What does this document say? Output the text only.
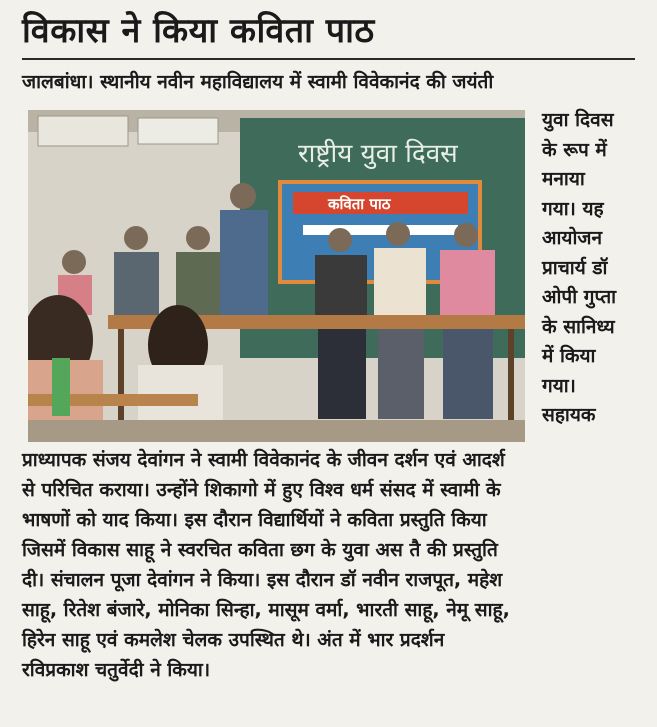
विकास ने किया कविता पाठ
जालबांधा। स्थानीय नवीन महाविद्यालय में स्वामी विवेकानंद की जयंती
राष्ट्रीय युवा दिवस
कविता पाठ
युवा दिवस
के रूप में
मनाया
गया। यह
आयोजन
प्राचार्य डॉ
ओपी गुप्ता
के सानिध्य
में किया
गया।
सहायक
प्राध्यापक संजय देवांगन ने स्वामी विवेकानंद के जीवन दर्शन एवं आदर्श
से परिचित कराया। उन्होंने शिकागो में हुए विश्व धर्म संसद में स्वामी के
भाषणों को याद किया। इस दौरान विद्यार्थियों ने कविता प्रस्तुति किया
जिसमें विकास साहू ने स्वरचित कविता छग के युवा अस तै की प्रस्तुति
दी। संचालन पूजा देवांगन ने किया। इस दौरान डॉ नवीन राजपूत, महेश
साहू, रितेश बंजारे, मोनिका सिन्हा, मासूम वर्मा, भारती साहू, नेमू साहू,
हिरेन साहू एवं कमलेश चेलक उपस्थित थे। अंत में भार प्रदर्शन
रविप्रकाश चतुर्वेदी ने किया।
